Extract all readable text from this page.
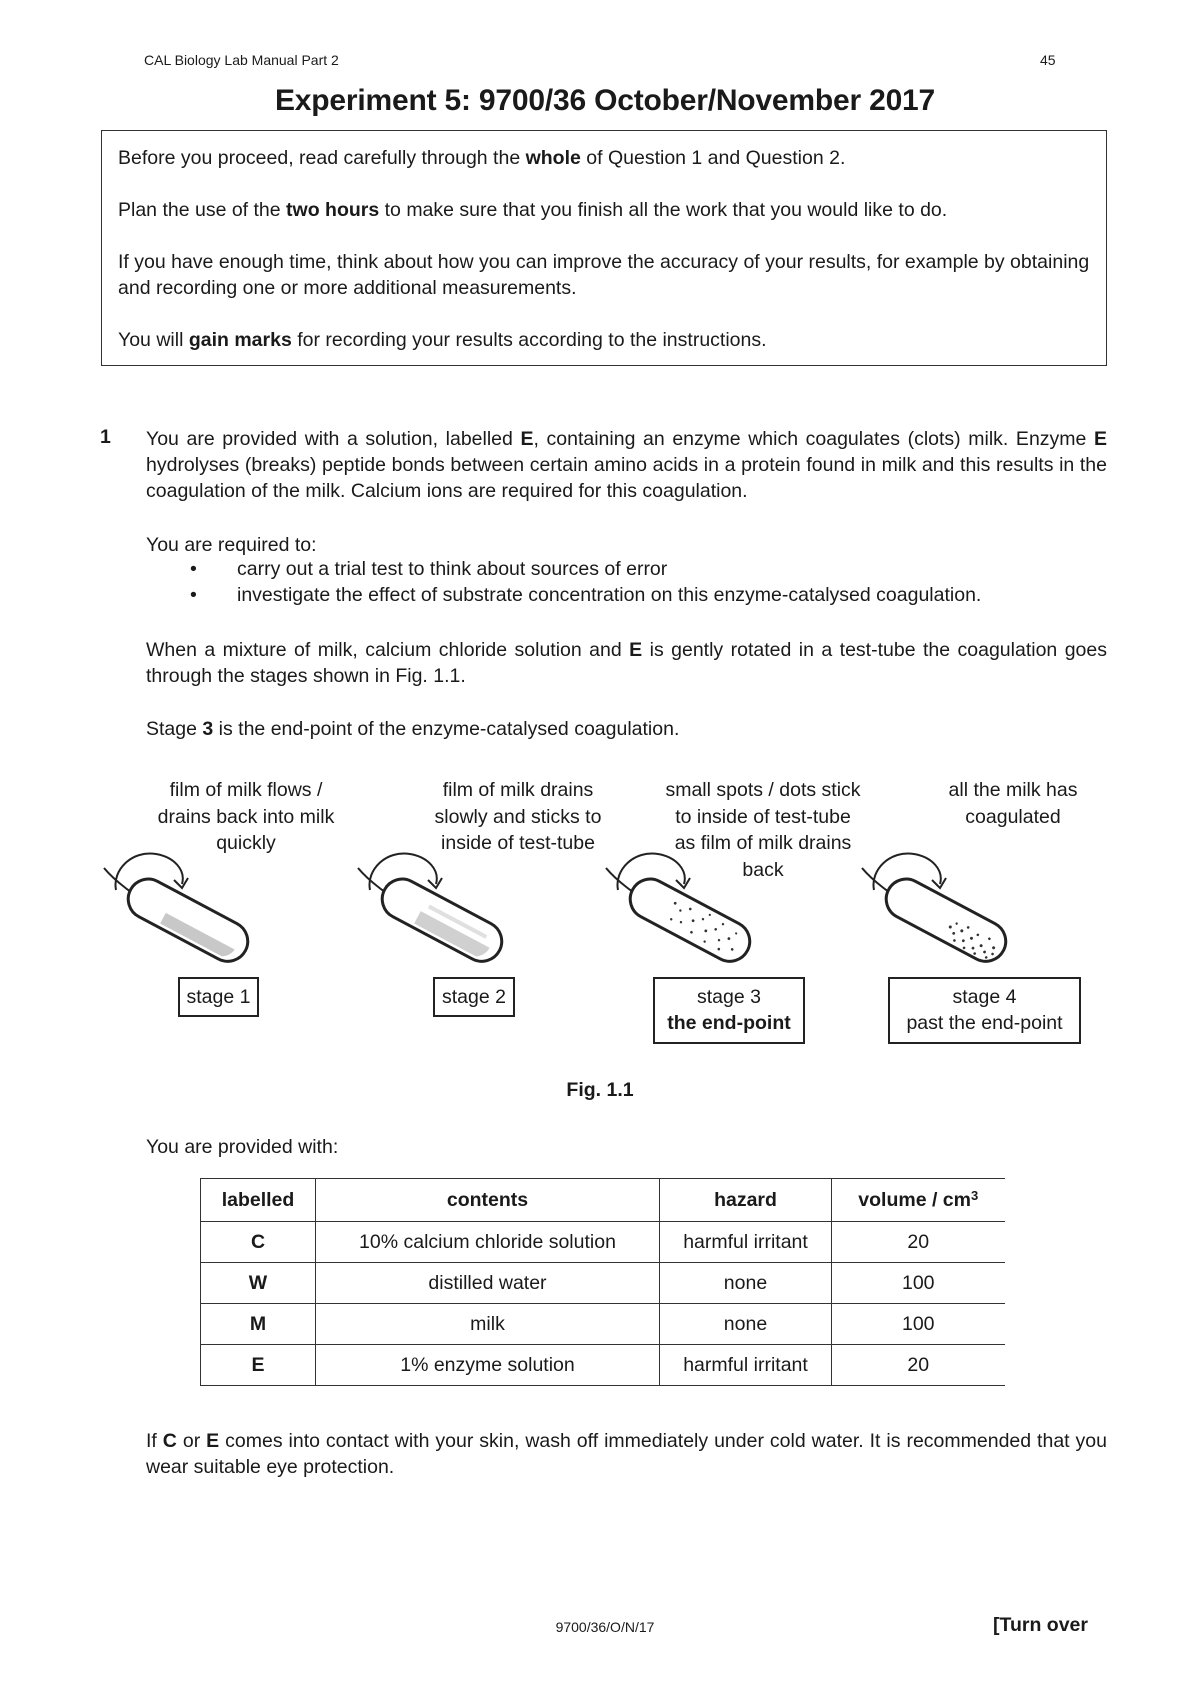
CAL Biology Lab Manual Part 2	45
Experiment 5: 9700/36 October/November 2017
Before you proceed, read carefully through the whole of Question 1 and Question 2.
Plan the use of the two hours to make sure that you finish all the work that you would like to do.
If you have enough time, think about how you can improve the accuracy of your results, for example by obtaining and recording one or more additional measurements.
You will gain marks for recording your results according to the instructions.
1 You are provided with a solution, labelled E, containing an enzyme which coagulates (clots) milk. Enzyme E hydrolyses (breaks) peptide bonds between certain amino acids in a protein found in milk and this results in the coagulation of the milk. Calcium ions are required for this coagulation.
You are required to:
• carry out a trial test to think about sources of error
• investigate the effect of substrate concentration on this enzyme-catalysed coagulation.
When a mixture of milk, calcium chloride solution and E is gently rotated in a test-tube the coagulation goes through the stages shown in Fig. 1.1.
Stage 3 is the end-point of the enzyme-catalysed coagulation.
film of milk flows / drains back into milk quickly
film of milk drains slowly and sticks to inside of test-tube
small spots / dots stick to inside of test-tube as film of milk drains back
all the milk has coagulated
stage 1	stage 2	stage 3
the end-point
stage 4
past the end-point
Fig. 1.1
You are provided with:
labelled	contents	hazard	volume / $cm^3$
C	10% calcium chloride solution	harmful irritant	20
W	distilled water	none	100
M	milk	none	100
E	1% enzyme solution	harmful irritant	20
If C or E comes into contact with your skin, wash off immediately under cold water. It is recommended that you wear suitable eye protection.
9700/36/O/N/17	[Turn over
